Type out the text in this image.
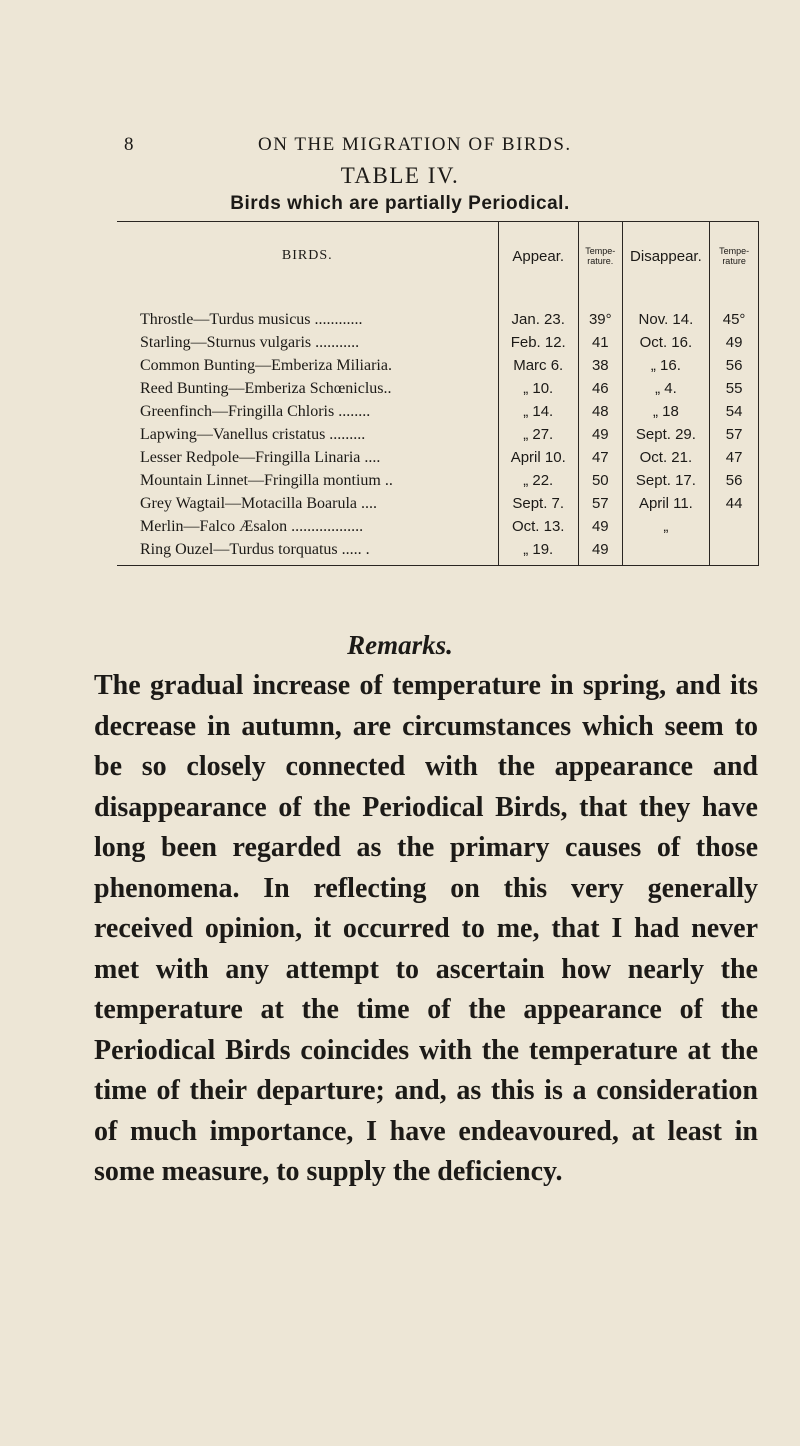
8	ON THE MIGRATION OF BIRDS.
TABLE IV.
Birds which are partially Periodical.
BIRDS.	Appear.	Tempe-rature.	Disappear.	Tempe-rature
Throstle—Turdus musicus ............	Jan. 23.	39°	Nov. 14.	45°
Starling—Sturnus vulgaris ...........	Feb. 12.	41	Oct. 16.	49
Common Bunting—Emberiza Miliaria.	Marc 6.	38	„ 16.	56
Reed Bunting—Emberiza Schœniclus..	„ 10.	46	„ 4.	55
Greenfinch—Fringilla Chloris ........	„ 14.	48	„ 18	54
Lapwing—Vanellus cristatus .........	„ 27.	49	Sept. 29.	57
Lesser Redpole—Fringilla Linaria ....	April 10.	47	Oct. 21.	47
Mountain Linnet—Fringilla montium ..	„ 22.	50	Sept. 17.	56
Grey Wagtail—Motacilla Boarula ....	Sept. 7.	57	April 11.	44
Merlin—Falco Æsalon ..................	Oct. 13.	49	„	
Ring Ouzel—Turdus torquatus ..... .	„ 19.	49		
Remarks.

The gradual increase of temperature in spring, and its decrease in autumn, are circumstances which seem to be so closely connected with the appearance and disappearance of the Periodical Birds, that they have long been regarded as the primary causes of those phenomena. In reflecting on this very generally received opinion, it occurred to me, that I had never met with any attempt to ascertain how nearly the temperature at the time of the appearance of the Periodical Birds coincides with the temperature at the time of their departure; and, as this is a consideration of much importance, I have endeavoured, at least in some measure, to supply the deficiency.
